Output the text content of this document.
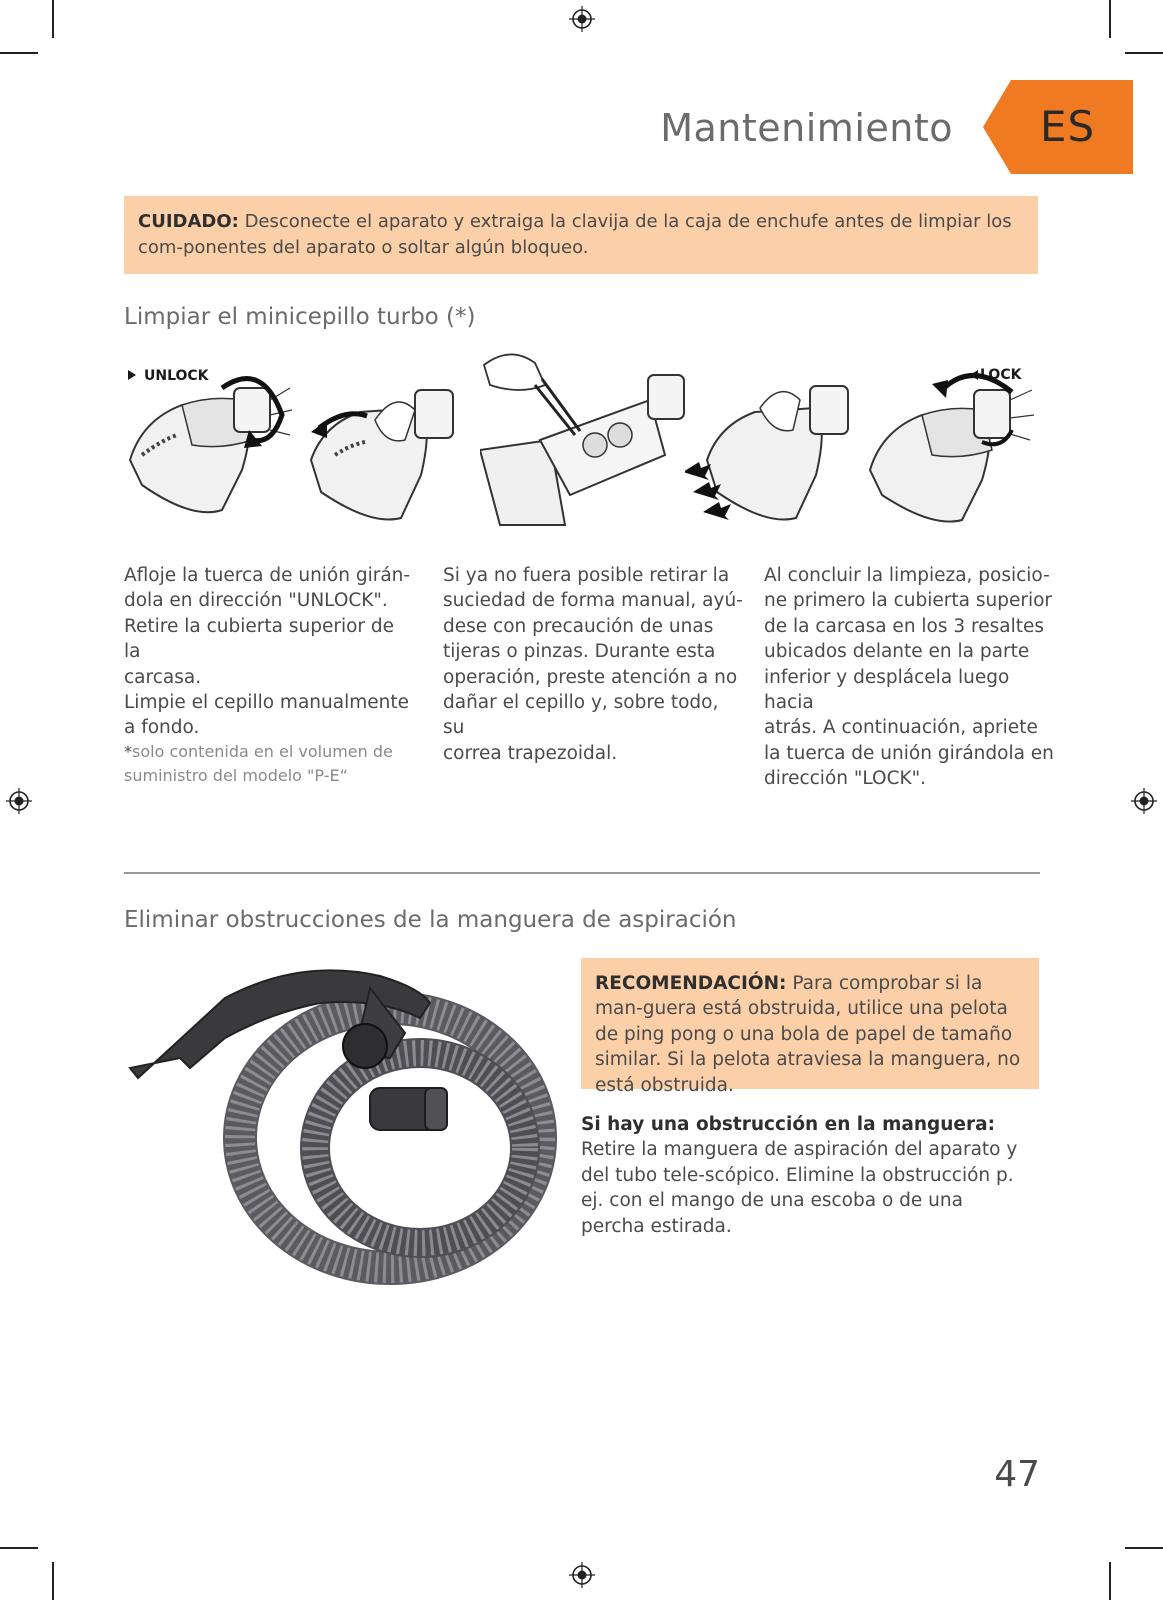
Mantenimiento ES
CUIDADO: Desconecte el aparato y extraiga la clavija de la caja de enchufe antes de limpiar los com-ponentes del aparato o soltar algún bloqueo.
Limpiar el minicepillo turbo (*)
UNLOCK	LOCK
Afloje la tuerca de unión girán-
dola en dirección "UNLOCK".
Retire la cubierta superior de la
carcasa.
Limpie el cepillo manualmente
a fondo.
*solo contenida en el volumen de suministro del modelo "P-E“
Si ya no fuera posible retirar la
suciedad de forma manual, ayú-
dese con precaución de unas
tijeras o pinzas. Durante esta
operación, preste atención a no
dañar el cepillo y, sobre todo, su
correa trapezoidal.
Al concluir la limpieza, posicio-
ne primero la cubierta superior
de la carcasa en los 3 resaltes
ubicados delante en la parte
inferior y desplácela luego hacia
atrás. A continuación, apriete
la tuerca de unión girándola en
dirección "LOCK".
Eliminar obstrucciones de la manguera de aspiración
RECOMENDACIÓN: Para comprobar si la man-guera está obstruida, utilice una pelota de ping pong o una bola de papel de tamaño similar. Si la pelota atraviesa la manguera, no está obstruida.
Si hay una obstrucción en la manguera: Retire la manguera de aspiración del aparato y del tubo tele-scópico. Elimine la obstrucción p. ej. con el mango de una escoba o de una percha estirada.
47
